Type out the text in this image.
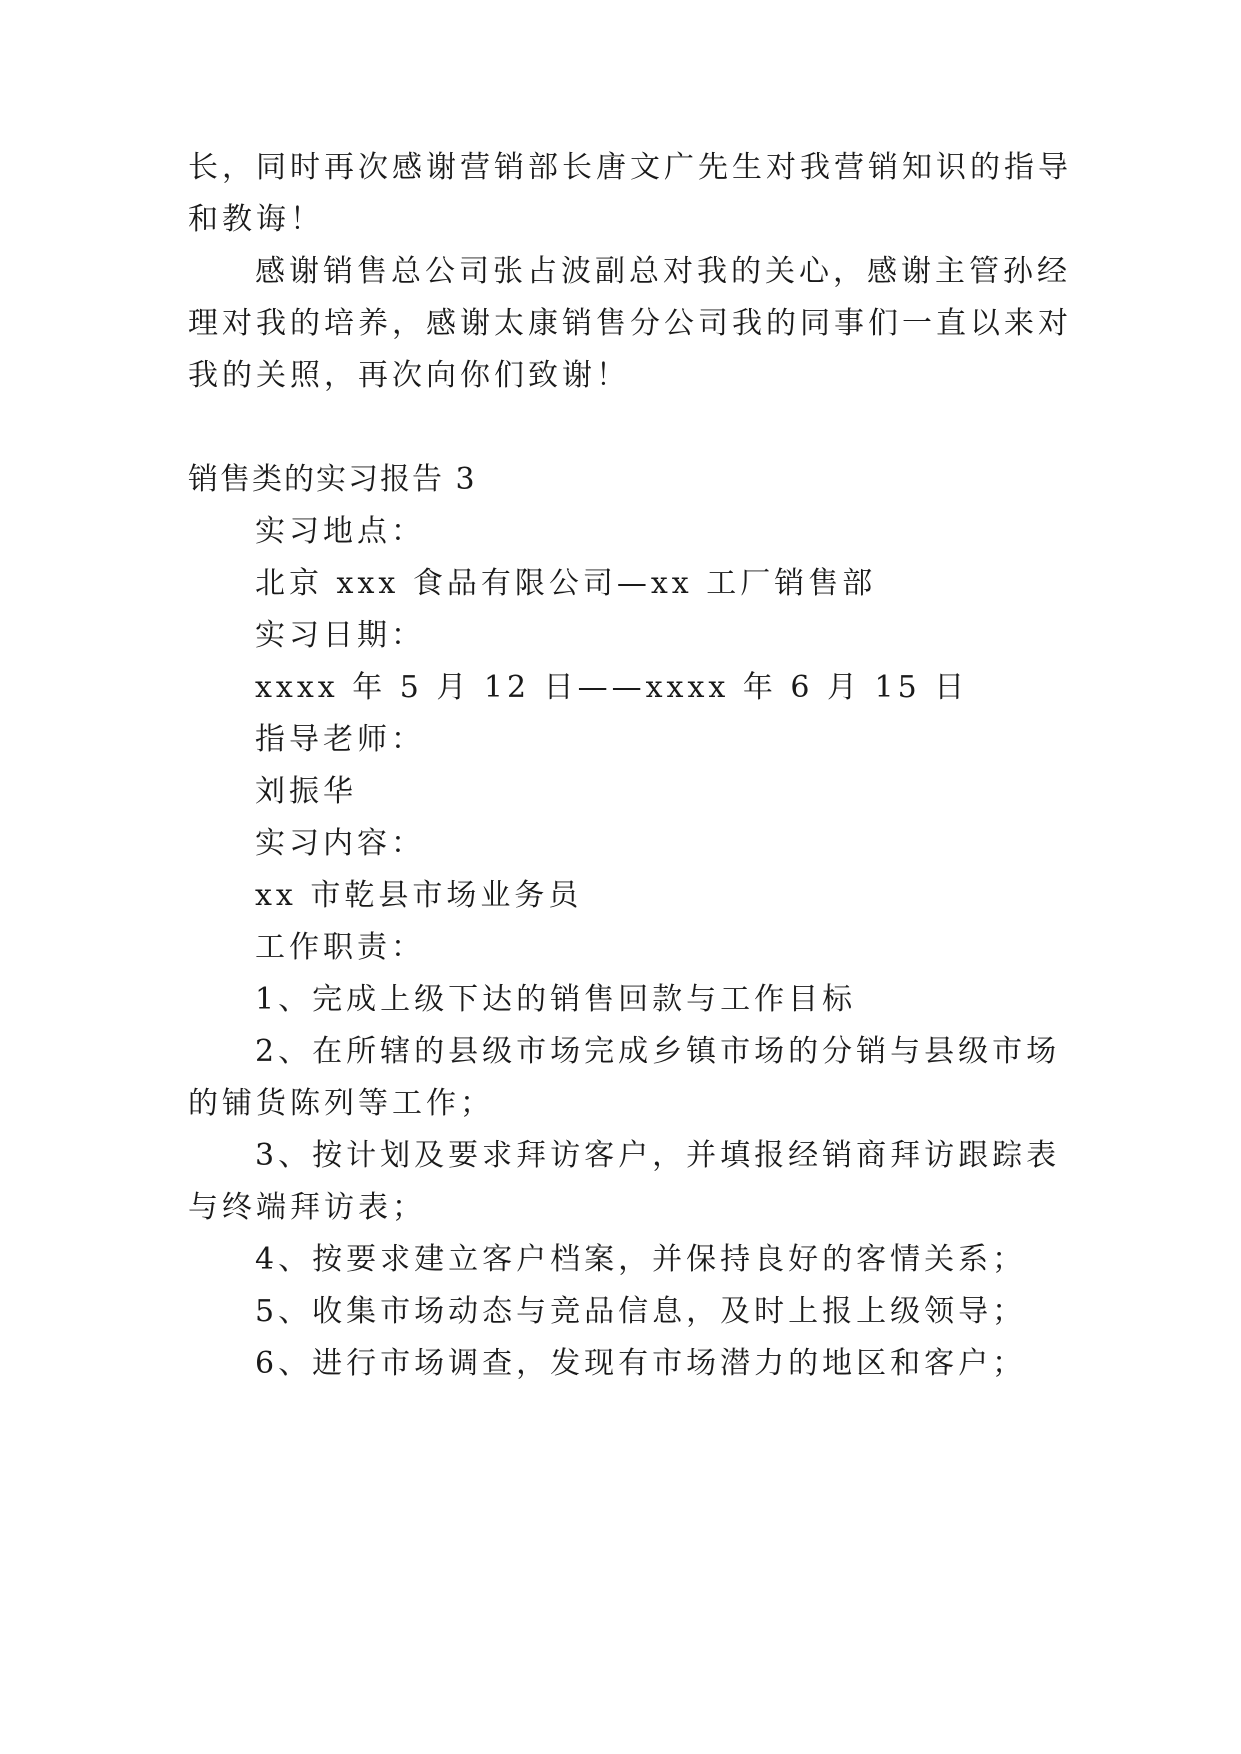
长，同时再次感谢营销部长唐文广先生对我营销知识的指导
和教诲！
感谢销售总公司张占波副总对我的关心，感谢主管孙经
理对我的培养，感谢太康销售分公司我的同事们一直以来对
我的关照，再次向你们致谢！
销售类的实习报告 3
实习地点：
北京 xxx 食品有限公司—xx 工厂销售部
实习日期：
xxxx 年 5 月 12 日——xxxx 年 6 月 15 日
指导老师：
刘振华
实习内容：
xx 市乾县市场业务员
工作职责：
1、完成上级下达的销售回款与工作目标
2、在所辖的县级市场完成乡镇市场的分销与县级市场
的铺货陈列等工作；
3、按计划及要求拜访客户，并填报经销商拜访跟踪表
与终端拜访表；
4、按要求建立客户档案，并保持良好的客情关系；
5、收集市场动态与竞品信息，及时上报上级领导；
6、进行市场调查，发现有市场潜力的地区和客户；
